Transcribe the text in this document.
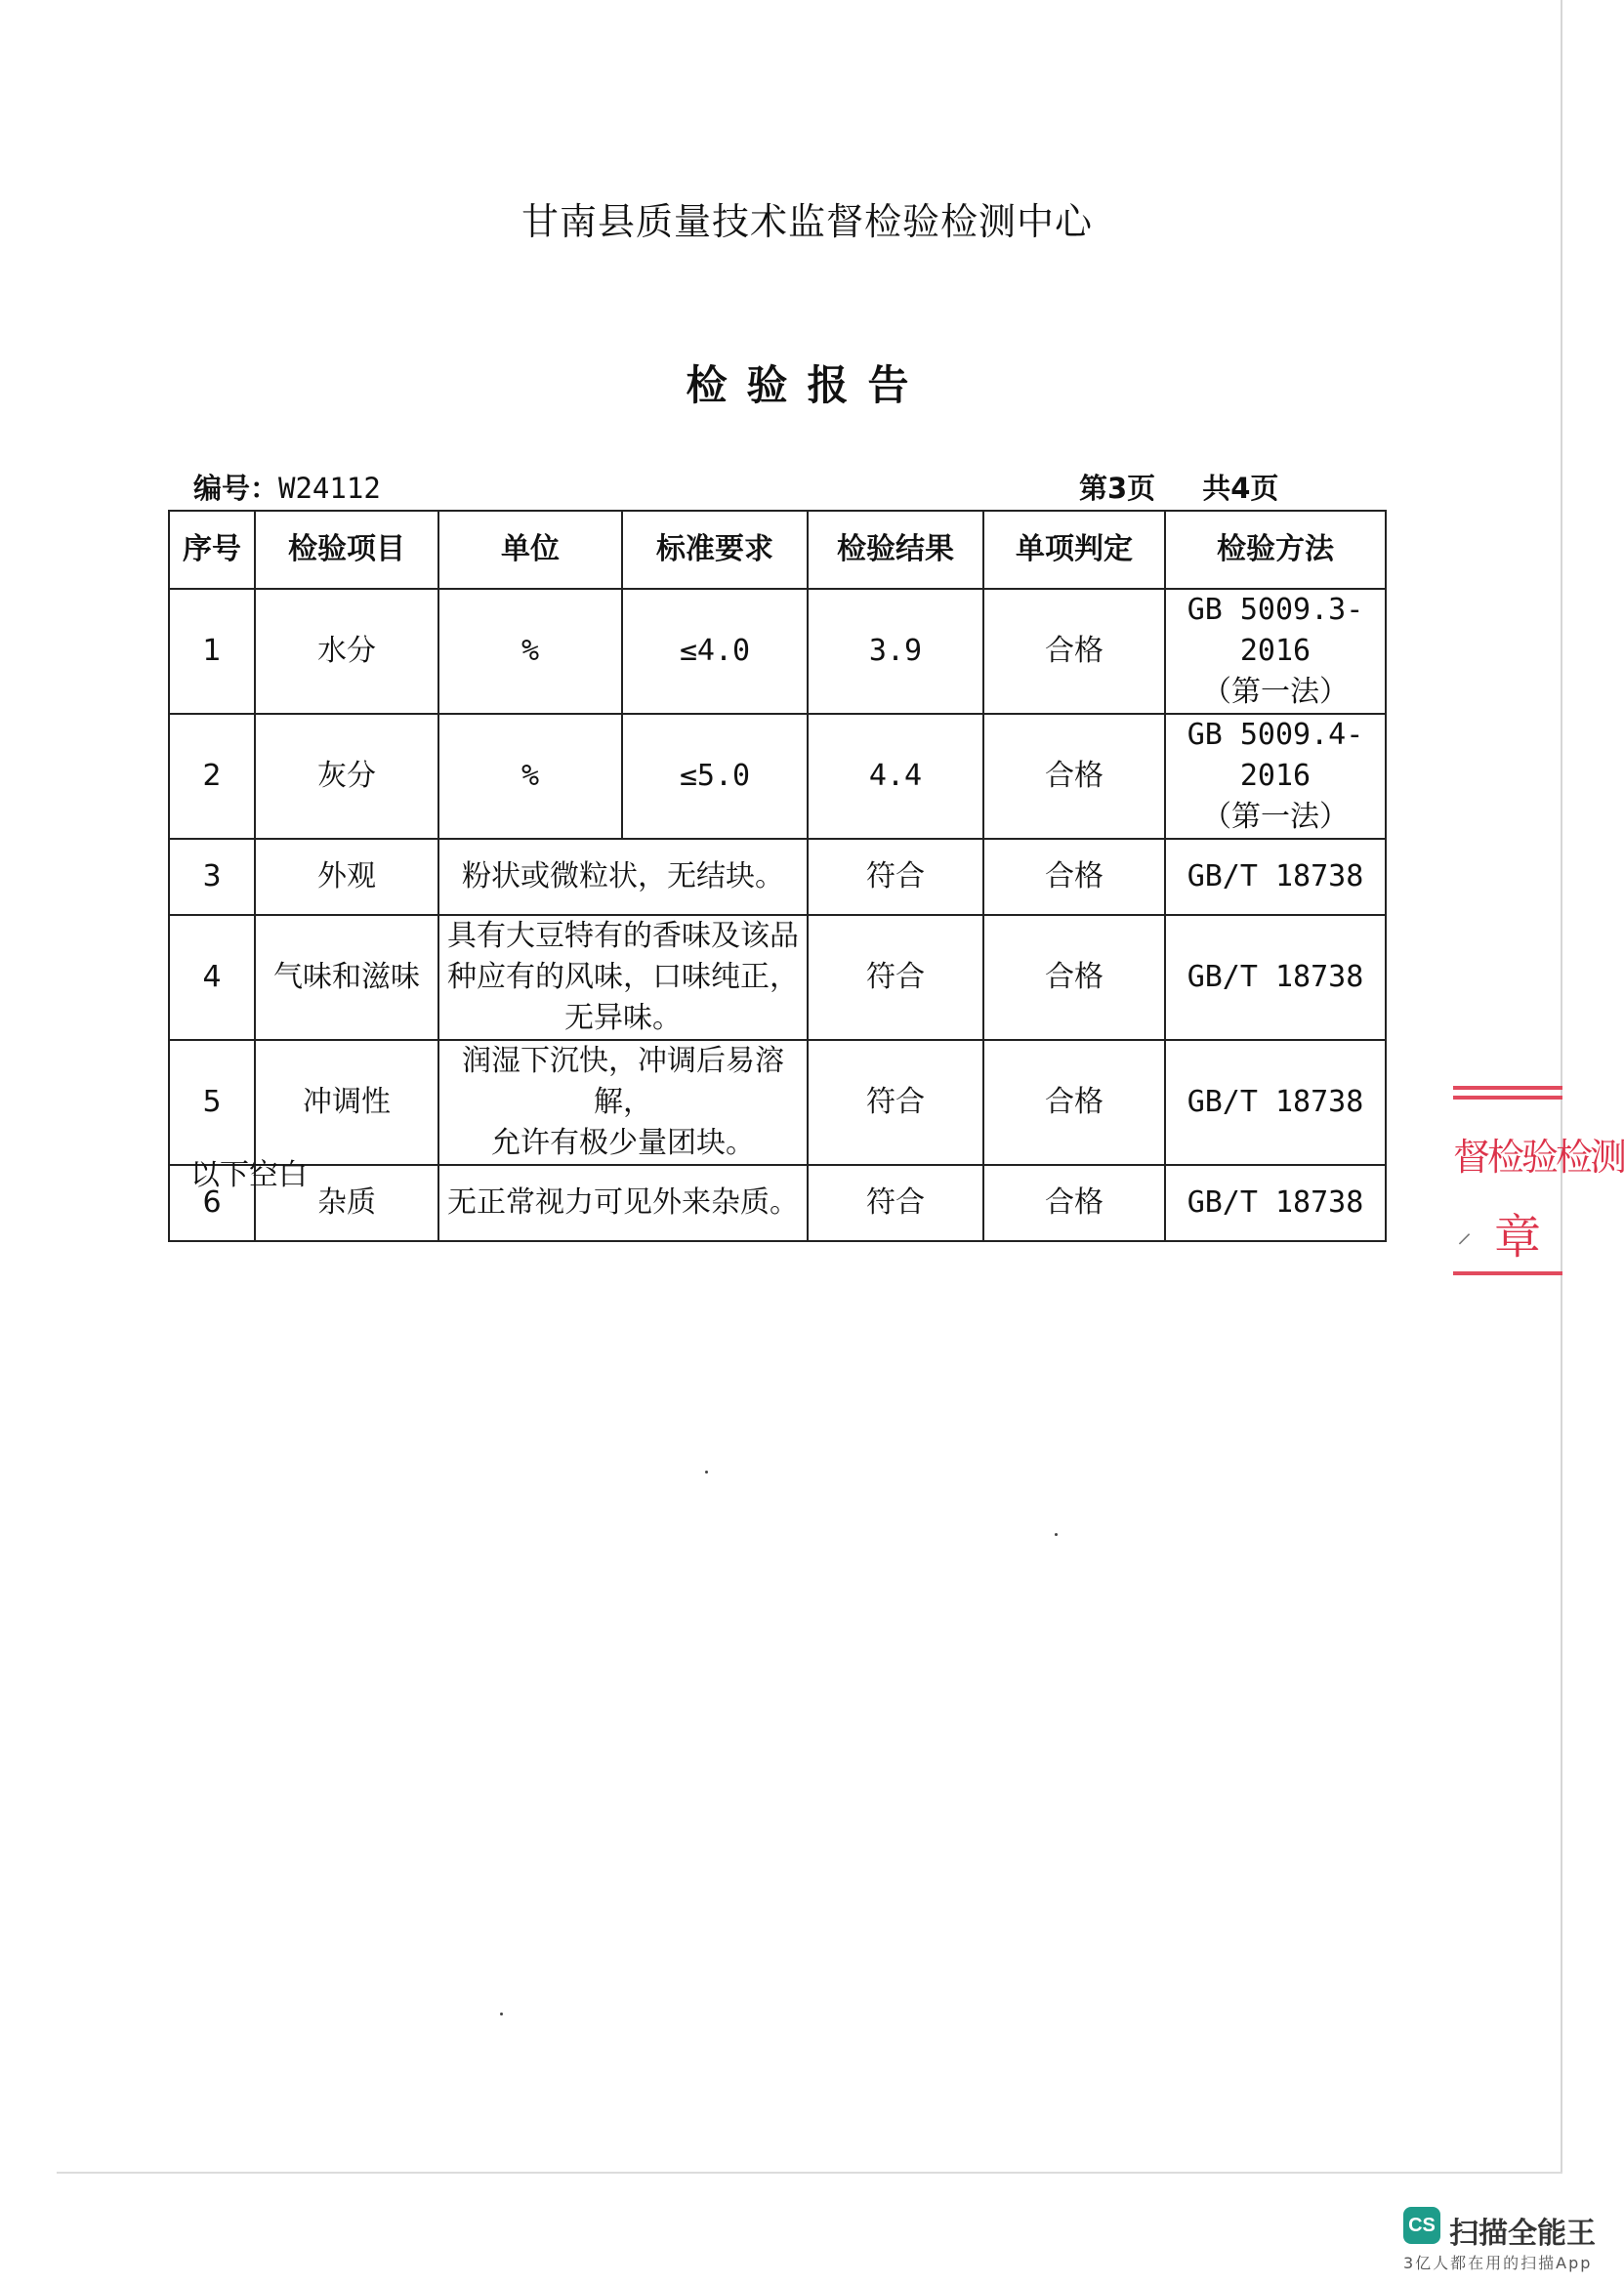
甘南县质量技术监督检验检测中心
检验报告
编号：W24112	第3页 共4页
序号	检验项目	单位	标准要求	检验结果	单项判定	检验方法
1	水分	%	≤4.0	3.9	合格	GB 5009.3-2016
（第一法）

2	灰分	%	≤5.0	4.4	合格	GB 5009.4-2016
（第一法）

3	外观	粉状或微粒状，无结块。		符合	合格	GB/T 18738
4	气味和滋味	具有大豆特有的香味及该品
种应有的风味，口味纯正，
无异味。		符合	合格	GB/T 18738
5	冲调性	润湿下沉快，冲调后易溶解，
允许有极少量团块。		符合	合格	GB/T 18738
6	杂质	无正常视力可见外来杂质。		符合	合格	GB/T 18738
以下空白	督检验检测
⸝ 章
CS 扫描全能王
3亿人都在用的扫描App
